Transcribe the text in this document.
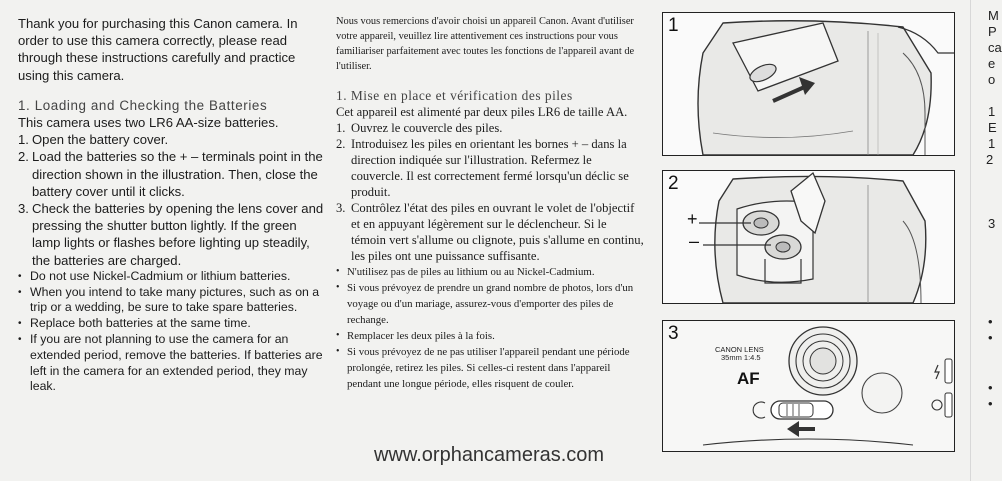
Thank you for purchasing this Canon camera. In order to use this camera correctly, please read through these instructions carefully and practice using this camera.

1. Loading and Checking the Batteries

This camera uses two LR6 AA-size batteries.

1. Open the battery cover.
2. Load the batteries so the + – terminals point in the direction shown in the illustration. Then, close the battery cover until it clicks.
3. Check the batteries by opening the lens cover and pressing the shutter button lightly. If the green lamp lights or flashes before lighting up steadily, the batteries are charged.
• Do not use Nickel-Cadmium or lithium batteries.
• When you intend to take many pictures, such as on a trip or a wedding, be sure to take spare batteries.
• Replace both batteries at the same time.
• If you are not planning to use the camera for an extended period, remove the batteries. If batteries are left in the camera for an extended period, they may leak.

Nous vous remercions d'avoir choisi un appareil Canon. Avant d'utiliser votre appareil, veuillez lire attentivement ces instructions pour vous familiariser parfaitement avec toutes les fonctions de l'appareil avant de l'utiliser.

1. Mise en place et vérification des piles

Cet appareil est alimenté par deux piles LR6 de taille AA.

1. Ouvrez le couvercle des piles.
2. Introduisez les piles en orientant les bornes + – dans la direction indiquée sur l'illustration. Refermez le couvercle. Il est correctement fermé lorsqu'un déclic se produit.
3. Contrôlez l'état des piles en ouvrant le volet de l'objectif et en appuyant légèrement sur le déclencheur. Si le témoin vert s'allume ou clignote, puis s'allume en continu, les piles ont une puissance suffisante.
• N'utilisez pas de piles au lithium ou au Nickel-Cadmium.
• Si vous prévoyez de prendre un grand nombre de photos, lors d'un voyage ou d'un mariage, assurez-vous d'emporter des piles de rechange.
• Remplacer les deux piles à la fois.
• Si vous prévoyez de ne pas utiliser l'appareil pendant une période prolongée, retirez les piles. Si celles-ci restent dans l'appareil pendant une longue période, elles risquent de couler.
www.orphancameras.com
1
2
+
–
3
CANON LENS
35mm 1:4.5
AF
M
P
ca
e
o
1
E
1
2
3
•
•
•
•
